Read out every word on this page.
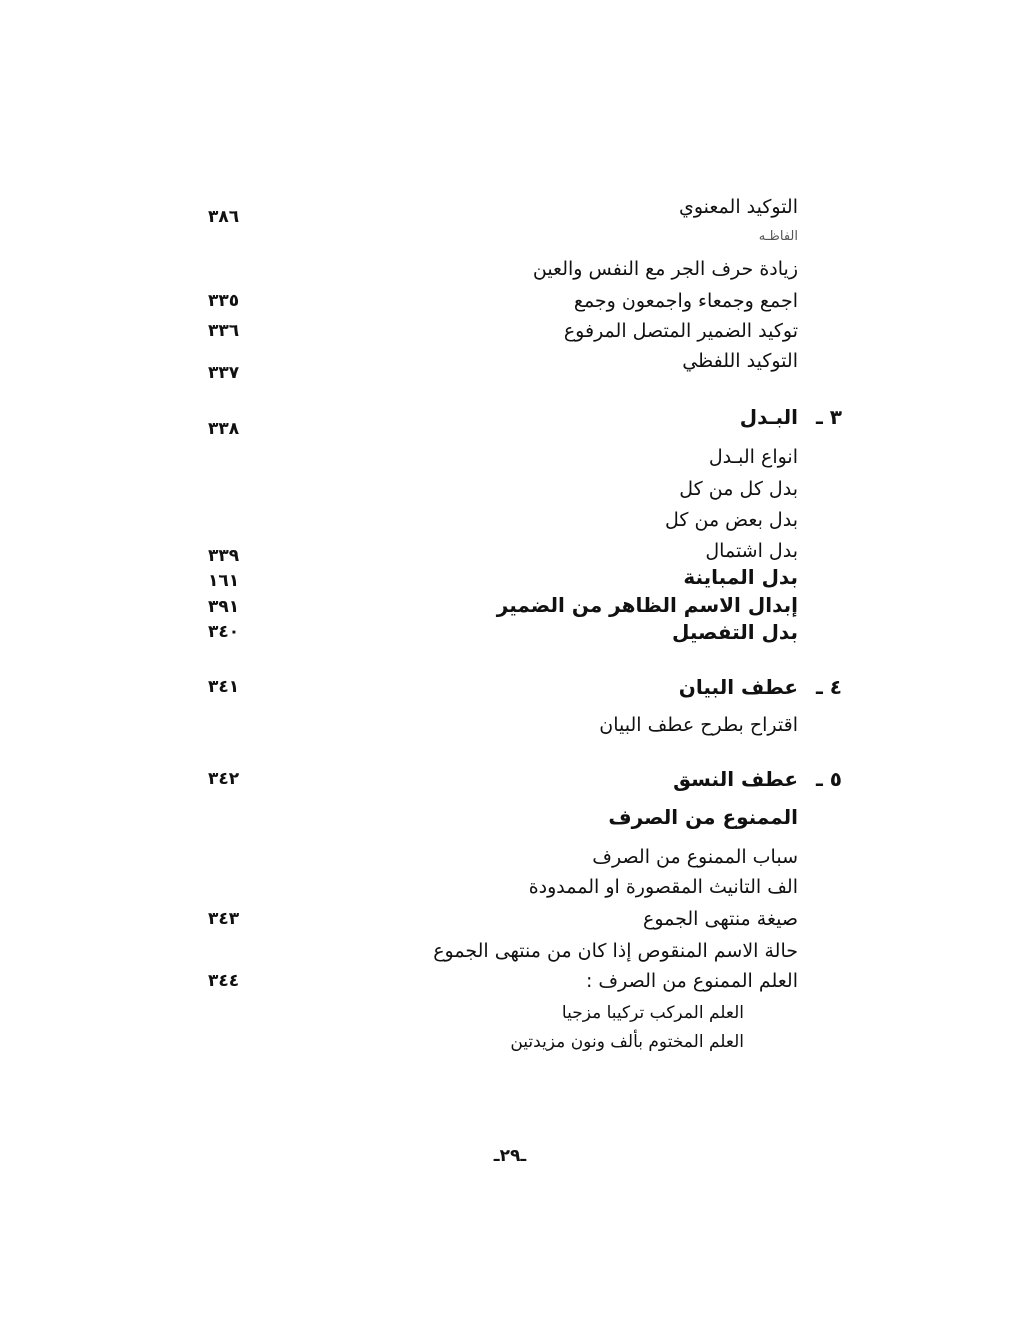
التوكيد المعنوي
٣٨٦
الفاظـه
زيادة حرف الجر مع النفس والعين
اجمع وجمعاء واجمعون وجمع
٣٣٥
توكيد الضمير المتصل المرفوع
٣٣٦
التوكيد اللفظي
٣٣٧
٣ ـ
البـدل
٣٣٨
انواع البـدل
بدل كل من كل
بدل بعض من كل
بدل اشتمال
٣٣٩
بدل المباينة
١٦١
إبدال الاسم الظاهر من الضمير
٣٩١
بدل التفصيل
٣٤٠
٤ ـ
عطف البيان
٣٤١
اقتراح بطرح عطف البيان
٥ ـ
عطف النسق
٣٤٢
الممنوع من الصرف
سباب الممنوع من الصرف
الف التانيث المقصورة او الممدودة
صيغة منتهى الجموع
٣٤٣
حالة الاسم المنقوص إذا كان من منتهى الجموع
العلم الممنوع من الصرف :
٣٤٤
العلم المركب تركيبا مزجيا
العلم المختوم بألف ونون مزيدتين
ـ٢٩ـ
